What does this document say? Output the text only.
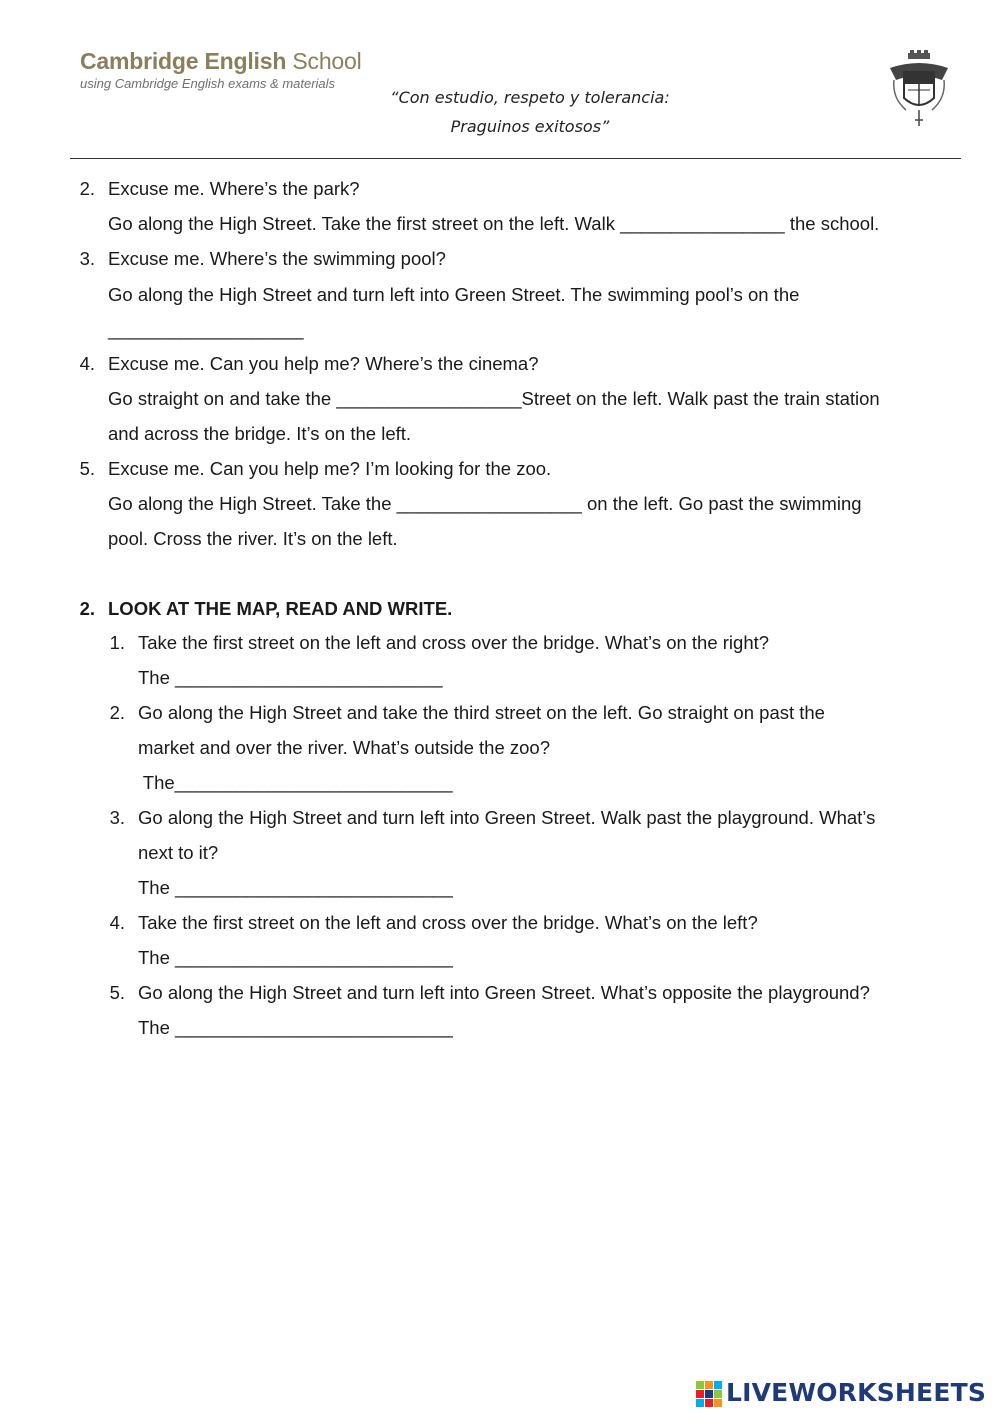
Cambridge English School
using Cambridge English exams & materials
“Con estudio, respeto y tolerancia:
Praguinos exitosos”
2. Excuse me. Where’s the park?
Go along the High Street. Take the first street on the left. Walk ________________ the school.
3. Excuse me. Where’s the swimming pool?
Go along the High Street and turn left into Green Street. The swimming pool’s on the
___________________
4. Excuse me. Can you help me? Where’s the cinema?
Go straight on and take the __________________Street on the left. Walk past the train station
and across the bridge. It’s on the left.
5. Excuse me. Can you help me? I’m looking for the zoo.
Go along the High Street. Take the __________________ on the left. Go past the swimming
pool. Cross the river. It’s on the left.
2. LOOK AT THE MAP, READ AND WRITE.
1. Take the first street on the left and cross over the bridge. What’s on the right?
The __________________________
2. Go along the High Street and take the third street on the left. Go straight on past the
market and over the river. What’s outside the zoo?
The___________________________
3. Go along the High Street and turn left into Green Street. Walk past the playground. What’s
next to it?
The ___________________________
4. Take the first street on the left and cross over the bridge. What’s on the left?
The ___________________________
5. Go along the High Street and turn left into Green Street. What’s opposite the playground?
The ___________________________
LIVEWORKSHEETS
